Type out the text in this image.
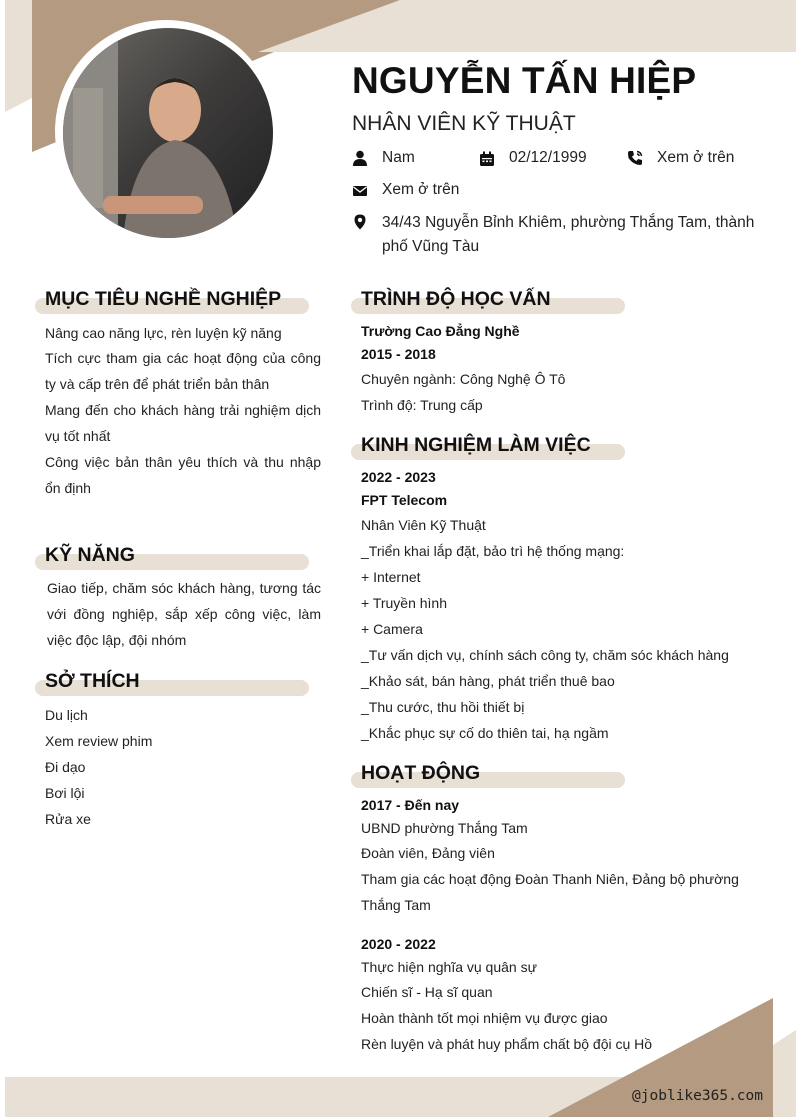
NGUYỄN TẤN HIỆP
NHÂN VIÊN KỸ THUẬT
Nam	02/12/1999	Xem ở trên
Xem ở trên
34/43 Nguyễn Bỉnh Khiêm, phường Thắng Tam, thành phố Vũng Tàu
MỤC TIÊU NGHỀ NGHIỆP
Nâng cao năng lực, rèn luyện kỹ năng
Tích cực tham gia các hoạt động của công ty và cấp trên để phát triển bản thân
Mang đến cho khách hàng trải nghiệm dịch vụ tốt nhất
Công việc bản thân yêu thích và thu nhập ổn định
KỸ NĂNG
Giao tiếp, chăm sóc khách hàng, tương tác với đồng nghiệp, sắp xếp công việc, làm việc độc lập, đội nhóm
SỞ THÍCH
Du lịch
Xem review phim
Đi dạo
Bơi lội
Rửa xe
TRÌNH ĐỘ HỌC VẤN
Trường Cao Đẳng Nghề
2015 - 2018
Chuyên ngành: Công Nghệ Ô Tô
Trình độ: Trung cấp
KINH NGHIỆM LÀM VIỆC
2022 - 2023
FPT Telecom
Nhân Viên Kỹ Thuật
_Triển khai lắp đặt, bảo trì hệ thống mạng:
+ Internet
+ Truyền hình
+ Camera
_Tư vấn dịch vụ, chính sách công ty, chăm sóc khách hàng
_Khảo sát, bán hàng, phát triển thuê bao
_Thu cước, thu hồi thiết bị
_Khắc phục sự cố do thiên tai, hạ ngầm
HOẠT ĐỘNG
2017 - Đến nay
UBND phường Thắng Tam
Đoàn viên, Đảng viên
Tham gia các hoạt động Đoàn Thanh Niên, Đảng bộ phường
Thắng Tam
2020 - 2022
Thực hiện nghĩa vụ quân sự
Chiến sĩ - Hạ sĩ quan
Hoàn thành tốt mọi nhiệm vụ được giao
Rèn luyện và phát huy phẩm chất bộ đội cụ Hồ
@joblike365.com
